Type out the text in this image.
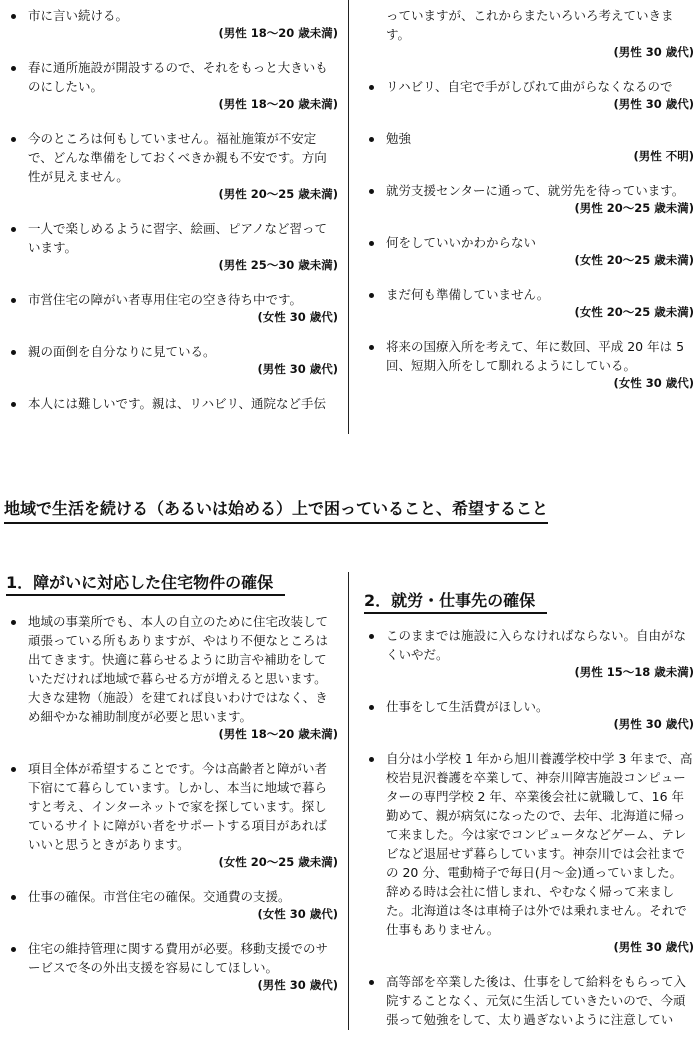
市に言い続ける。

(男性 18～20 歳未満)

春に通所施設が開設するので、それをもっと大きいものにしたい。

(男性 18～20 歳未満)

今のところは何もしていません。福祉施策が不安定で、どんな準備をしておくべきか親も不安です。方向性が見えません。

(男性 20～25 歳未満)

一人で楽しめるように習字、絵画、ピアノなど習っています。

(男性 25～30 歳未満)

市営住宅の障がい者専用住宅の空き待ち中です。

(女性 30 歳代)

親の面倒を自分なりに見ている。

(男性 30 歳代)

本人には難しいです。親は、リハビリ、通院など手伝

っていますが、これからまたいろいろ考えていきます。

(男性 30 歳代)

リハビリ、自宅で手がしびれて曲がらなくなるので

(男性 30 歳代)

勉強

(男性 不明)

就労支援センターに通って、就労先を待っています。

(男性 20～25 歳未満)

何をしていいかわからない

(女性 20～25 歳未満)

まだ何も準備していません。

(女性 20～25 歳未満)

将来の国療入所を考えて、年に数回、平成 20 年は 5 回、短期入所をして馴れるようにしている。

(女性 30 歳代)

地域で生活を続ける（あるいは始める）上で困っていること、希望すること
1．障がいに対応した住宅物件の確保
2．就労・仕事先の確保

地域の事業所でも、本人の自立のために住宅改装して頑張っている所もありますが、やはり不便なところは出てきます。快適に暮らせるように助言や補助をしていただければ地域で暮らせる方が増えると思います。大きな建物（施設）を建てれば良いわけではなく、きめ細やかな補助制度が必要と思います。

(男性 18～20 歳未満)

項目全体が希望することです。今は高齢者と障がい者下宿にて暮らしています。しかし、本当に地域で暮らすと考え、インターネットで家を探しています。探しているサイトに障がい者をサポートする項目があればいいと思うときがあります。

(女性 20～25 歳未満)

仕事の確保。市営住宅の確保。交通費の支援。

(女性 30 歳代)

住宅の維持管理に関する費用が必要。移動支援でのサービスで冬の外出支援を容易にしてほしい。

(男性 30 歳代)

このままでは施設に入らなければならない。自由がなくいやだ。

(男性 15～18 歳未満)

仕事をして生活費がほしい。

(男性 30 歳代)

自分は小学校 1 年から旭川養護学校中学 3 年まで、高校岩見沢養護を卒業して、神奈川障害施設コンピューターの専門学校 2 年、卒業後会社に就職して、16 年勤めて、親が病気になったので、去年、北海道に帰って来ました。今は家でコンピュータなどゲーム、テレビなど退屈せず暮らしています。神奈川では会社までの 20 分、電動椅子で毎日(月～金)通っていました。辞める時は会社に惜しまれ、やむなく帰って来ました。北海道は冬は車椅子は外では乗れません。それで仕事もありません。

(男性 30 歳代)

高等部を卒業した後は、仕事をして給料をもらって入院することなく、元気に生活していきたいので、今頑張って勉強をして、太り過ぎないように注意してい
